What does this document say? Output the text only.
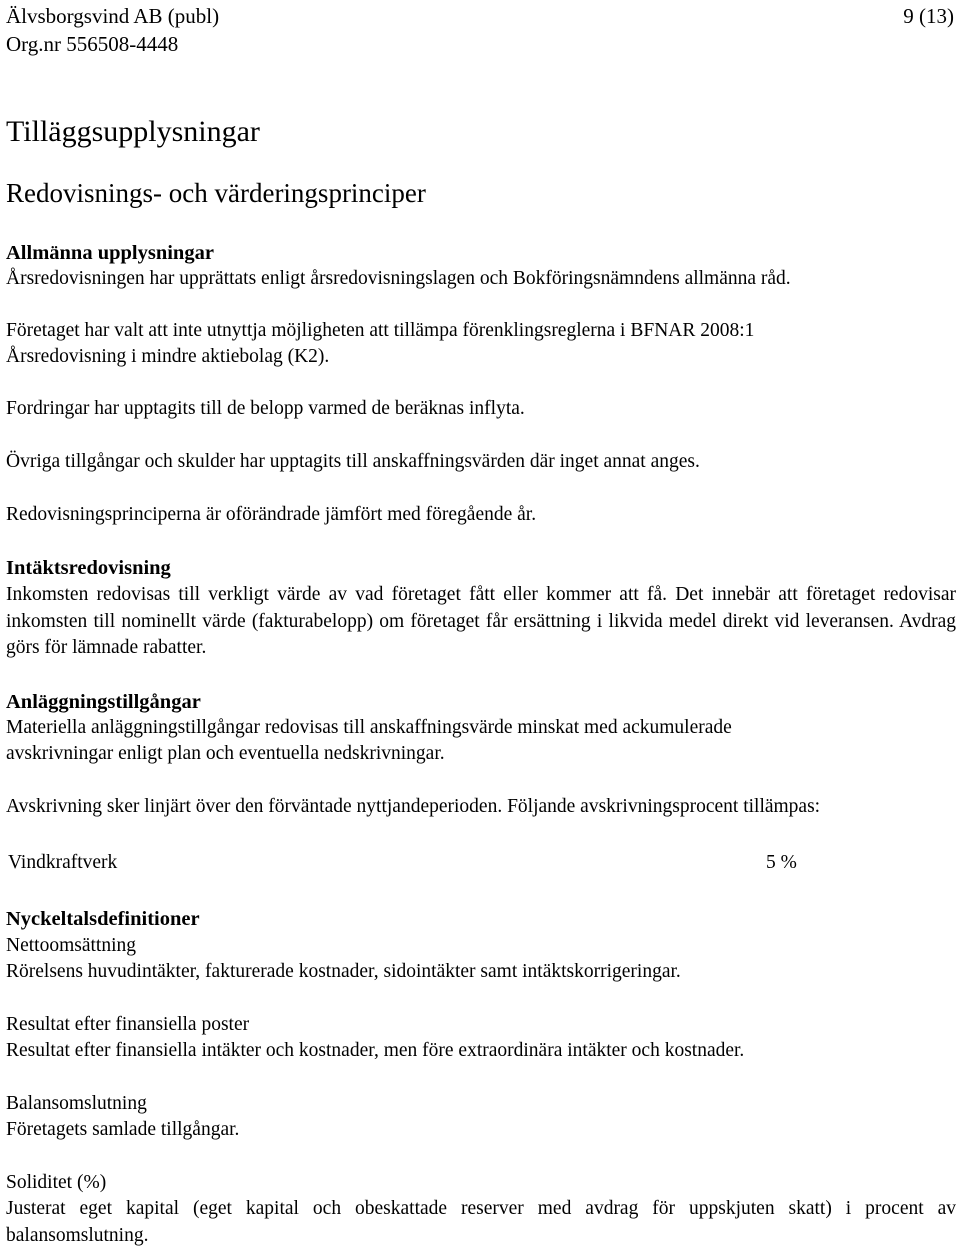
Älvsborgsvind AB (publ)	9 (13)
Org.nr 556508-4448
Tilläggsupplysningar
Redovisnings- och värderingsprinciper
Allmänna upplysningar
Årsredovisningen har upprättats enligt årsredovisningslagen och Bokföringsnämndens allmänna råd.
Företaget har valt att inte utnyttja möjligheten att tillämpa förenklingsreglerna i BFNAR 2008:1
Årsredovisning i mindre aktiebolag (K2).
Fordringar har upptagits till de belopp varmed de beräknas inflyta.
Övriga tillgångar och skulder har upptagits till anskaffningsvärden där inget annat anges.
Redovisningsprinciperna är oförändrade jämfört med föregående år.
Intäktsredovisning
Inkomsten redovisas till verkligt värde av vad företaget fått eller kommer att få. Det innebär att företaget redovisar inkomsten till nominellt värde (fakturabelopp) om företaget får ersättning i likvida medel direkt vid leveransen. Avdrag görs för lämnade rabatter.
Anläggningstillgångar
Materiella anläggningstillgångar redovisas till anskaffningsvärde minskat med ackumulerade
avskrivningar enligt plan och eventuella nedskrivningar.
Avskrivning sker linjärt över den förväntade nyttjandeperioden. Följande avskrivningsprocent tillämpas:
Vindkraftverk	5 %
Nyckeltalsdefinitioner
Nettoomsättning
Rörelsens huvudintäkter, fakturerade kostnader, sidointäkter samt intäktskorrigeringar.
Resultat efter finansiella poster
Resultat efter finansiella intäkter och kostnader, men före extraordinära intäkter och kostnader.
Balansomslutning
Företagets samlade tillgångar.
Soliditet (%)
Justerat eget kapital (eget kapital och obeskattade reserver med avdrag för uppskjuten skatt) i procent av balansomslutning.
